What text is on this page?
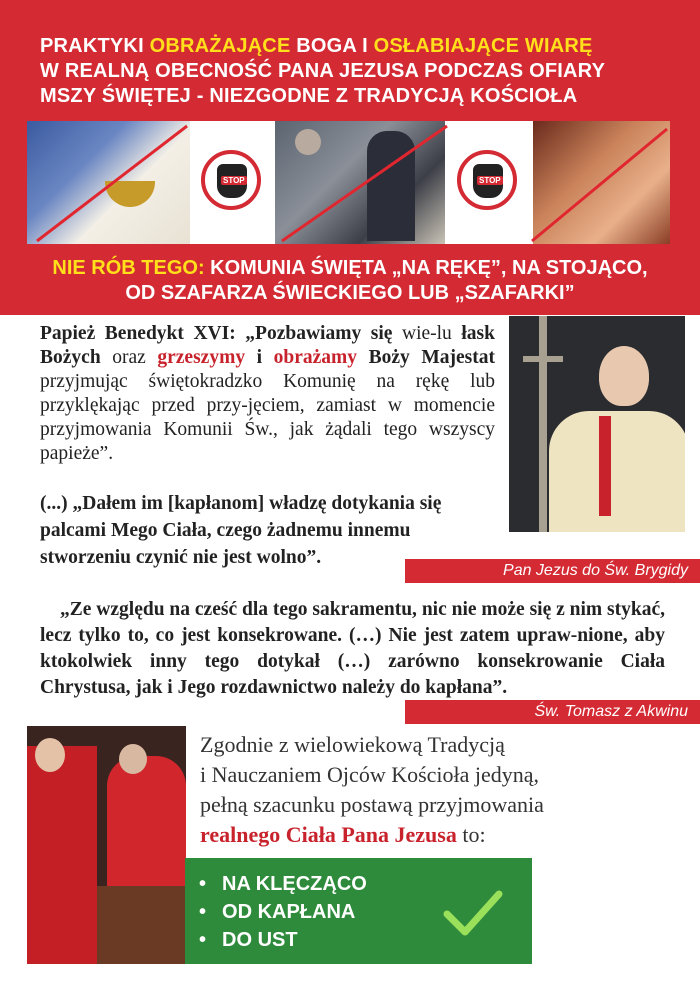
PRAKTYKI OBRAŻAJĄCE BOGA I OSŁABIAJĄCE WIARĘ
W REALNĄ OBECNOŚĆ PANA JEZUSA PODCZAS OFIARY
MSZY ŚWIĘTEJ - NIEZGODNE Z TRADYCJĄ KOŚCIOŁA
STOP	STOP
NIE RÓB TEGO: KOMUNIA ŚWIĘTA „NA RĘKĘ”, NA STOJĄCO,
OD SZAFARZA ŚWIECKIEGO LUB „SZAFARKI”
Papież Benedykt XVI: „Pozbawiamy się wie-lu łask Bożych oraz grzeszymy i obrażamy Boży Majestat przyjmując świętokradzko Komunię na rękę lub przyklękając przed przy-jęciem, zamiast w momencie przyjmowania Komunii Św., jak żądali tego wszyscy papieże”.
(...) „Dałem im [kapłanom] władzę dotykania się palcami Mego Ciała, czego żadnemu innemu stworzeniu czynić nie jest wolno”.
Pan Jezus do Św. Brygidy
„Ze względu na cześć dla tego sakramentu, nic nie może się z nim stykać, lecz tylko to, co jest konsekrowane. (…) Nie jest zatem upraw-nione, aby ktokolwiek inny tego dotykał (…) zarówno konsekrowanie Ciała Chrystusa, jak i Jego rozdawnictwo należy do kapłana”.
Św. Tomasz z Akwinu
Zgodnie z wielowiekową Tradycją
i Nauczaniem Ojców Kościoła jedyną,
pełną szacunku postawą przyjmowania
realnego Ciała Pana Jezusa to:
• NA KLĘCZĄCO
• OD KAPŁANA
• DO UST
